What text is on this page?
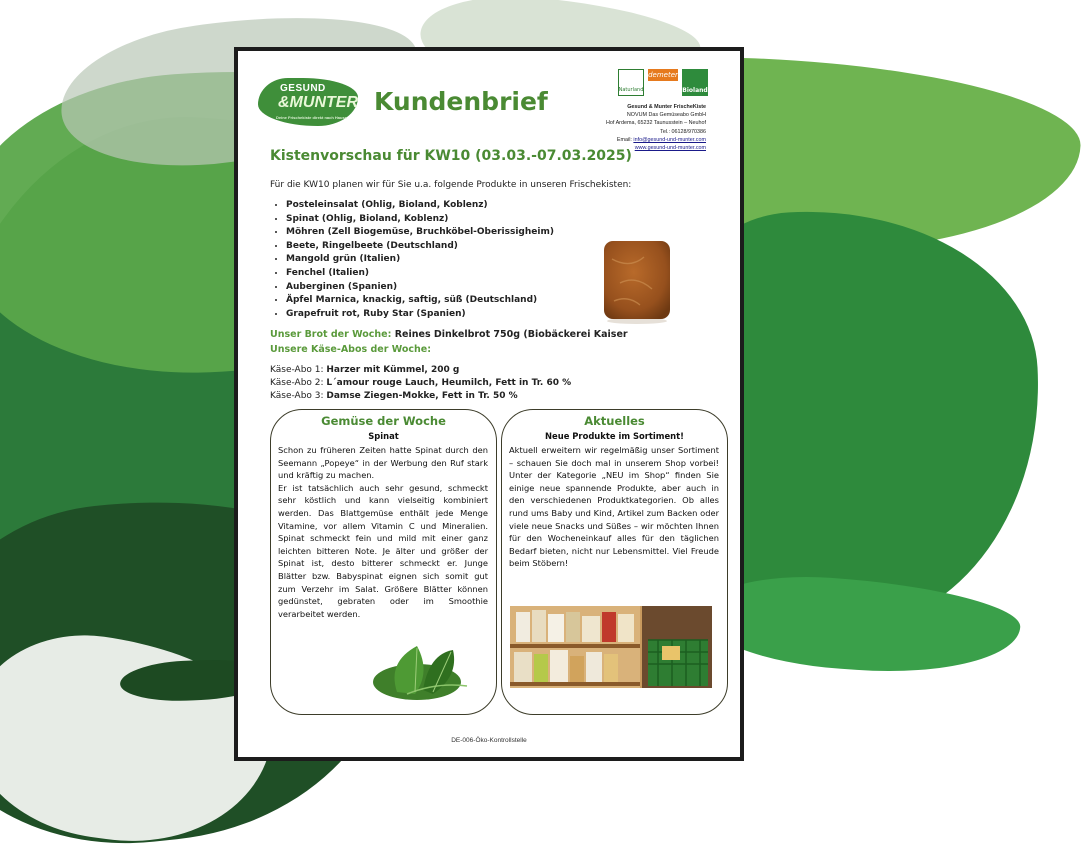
GESUND
&MUNTER
Deine Frischekiste direkt nach Hause
Kundenbrief	Naturland
demeter
Bioland
Gesund & Munter FrischeKiste
NOVUM Das Gemüseabo GmbH
Hof Ardema, 65232 Taunusstein – Neuhof
Tel.: 06128/970386
Email: info@gesund-und-munter.com
www.gesund-und-munter.com
Kistenvorschau für KW10 (03.03.-07.03.2025)
Für die KW10 planen wir für Sie u.a. folgende Produkte in unseren Frischekisten:
• Posteleinsalat (Ohlig, Bioland, Koblenz)
• Spinat (Ohlig, Bioland, Koblenz)
• Möhren (Zell Biogemüse, Bruchköbel-Oberissigheim)
• Beete, Ringelbeete (Deutschland)
• Mangold grün (Italien)
• Fenchel (Italien)
• Auberginen (Spanien)
• Äpfel Marnica, knackig, saftig, süß (Deutschland)
• Grapefruit rot, Ruby Star (Spanien)
Unser Brot der Woche: Reines Dinkelbrot 750g (Biobäckerei Kaiser
Unsere Käse-Abos der Woche:
Käse-Abo 1: Harzer mit Kümmel, 200 g
Käse-Abo 2: L´amour rouge Lauch, Heumilch, Fett in Tr. 60 %
Käse-Abo 3: Damse Ziegen-Mokke, Fett in Tr. 50 %
Gemüse der Woche
Spinat
Schon zu früheren Zeiten hatte Spinat durch den Seemann „Popeye“ in der Werbung den Ruf stark und kräftig zu machen.
Er ist tatsächlich auch sehr gesund, schmeckt sehr köstlich und kann vielseitig kombiniert werden. Das Blattgemüse enthält jede Menge Vitamine, vor allem Vitamin C und Mineralien. Spinat schmeckt fein und mild mit einer ganz leichten bitteren Note. Je älter und größer der Spinat ist, desto bitterer schmeckt er. Junge Blätter bzw. Babyspinat eignen sich somit gut zum Verzehr im Salat. Größere Blätter können gedünstet, gebraten oder im Smoothie verarbeitet werden.
Aktuelles
Neue Produkte im Sortiment!
Aktuell erweitern wir regelmäßig unser Sortiment – schauen Sie doch mal in unserem Shop vorbei! Unter der Kategorie „NEU im Shop“ finden Sie einige neue spannende Produkte, aber auch in den verschiedenen Produktkategorien. Ob alles rund ums Baby und Kind, Artikel zum Backen oder viele neue Snacks und Süßes – wir möchten Ihnen für den Wocheneinkauf alles für den täglichen Bedarf bieten, nicht nur Lebensmittel. Viel Freude beim Stöbern!
DE-006-Öko-Kontrollstelle
